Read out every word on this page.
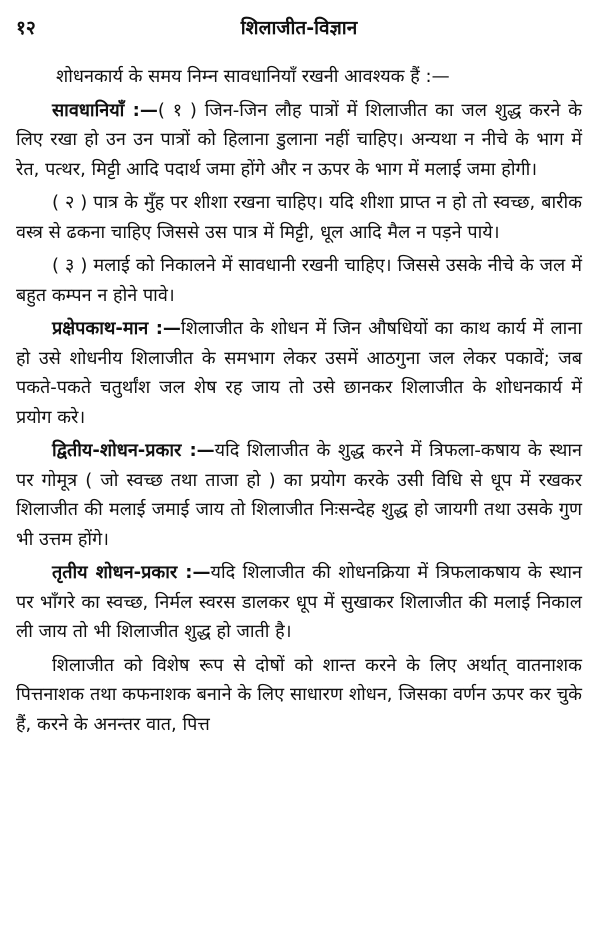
१२	शिलाजीत-विज्ञान

शोधनकार्य के समय निम्न सावधानियाँ रखनी आवश्यक हैं :—

सावधानियाँ :—( १ ) जिन-जिन लौह पात्रों में शिलाजीत का जल शुद्ध करने के लिए रखा हो उन उन पात्रों को हिलाना डुलाना नहीं चाहिए। अन्यथा न नीचे के भाग में रेत, पत्थर, मिट्टी आदि पदार्थ जमा होंगे और न ऊपर के भाग में मलाई जमा होगी।

( २ ) पात्र के मुँह पर शीशा रखना चाहिए। यदि शीशा प्राप्त न हो तो स्वच्छ, बारीक वस्त्र से ढकना चाहिए जिससे उस पात्र में मिट्टी, धूल आदि मैल न पड़ने पाये।

( ३ ) मलाई को निकालने में सावधानी रखनी चाहिए। जिससे उसके नीचे के जल में बहुत कम्पन न होने पावे।

प्रक्षेपकाथ-मान :—शिलाजीत के शोधन में जिन औषधियों का काथ कार्य में लाना हो उसे शोधनीय शिलाजीत के समभाग लेकर उसमें आठगुना जल लेकर पकावें; जब पकते-पकते चतुर्थांश जल शेष रह जाय तो उसे छानकर शिलाजीत के शोधनकार्य में प्रयोग करे।

द्वितीय-शोधन-प्रकार :—यदि शिलाजीत के शुद्ध करने में त्रिफला-कषाय के स्थान पर गोमूत्र ( जो स्वच्छ तथा ताजा हो ) का प्रयोग करके उसी विधि से धूप में रखकर शिलाजीत की मलाई जमाई जाय तो शिलाजीत निःसन्देह शुद्ध हो जायगी तथा उसके गुण भी उत्तम होंगे।

तृतीय शोधन-प्रकार :—यदि शिलाजीत की शोधनक्रिया में त्रिफलाकषाय के स्थान पर भाँगरे का स्वच्छ, निर्मल स्वरस डालकर धूप में सुखाकर शिलाजीत की मलाई निकाल ली जाय तो भी शिलाजीत शुद्ध हो जाती है।

शिलाजीत को विशेष रूप से दोषों को शान्त करने के लिए अर्थात् वातनाशक पित्तनाशक तथा कफनाशक बनाने के लिए साधारण शोधन, जिसका वर्णन ऊपर कर चुके हैं, करने के अनन्तर वात, पित्त
